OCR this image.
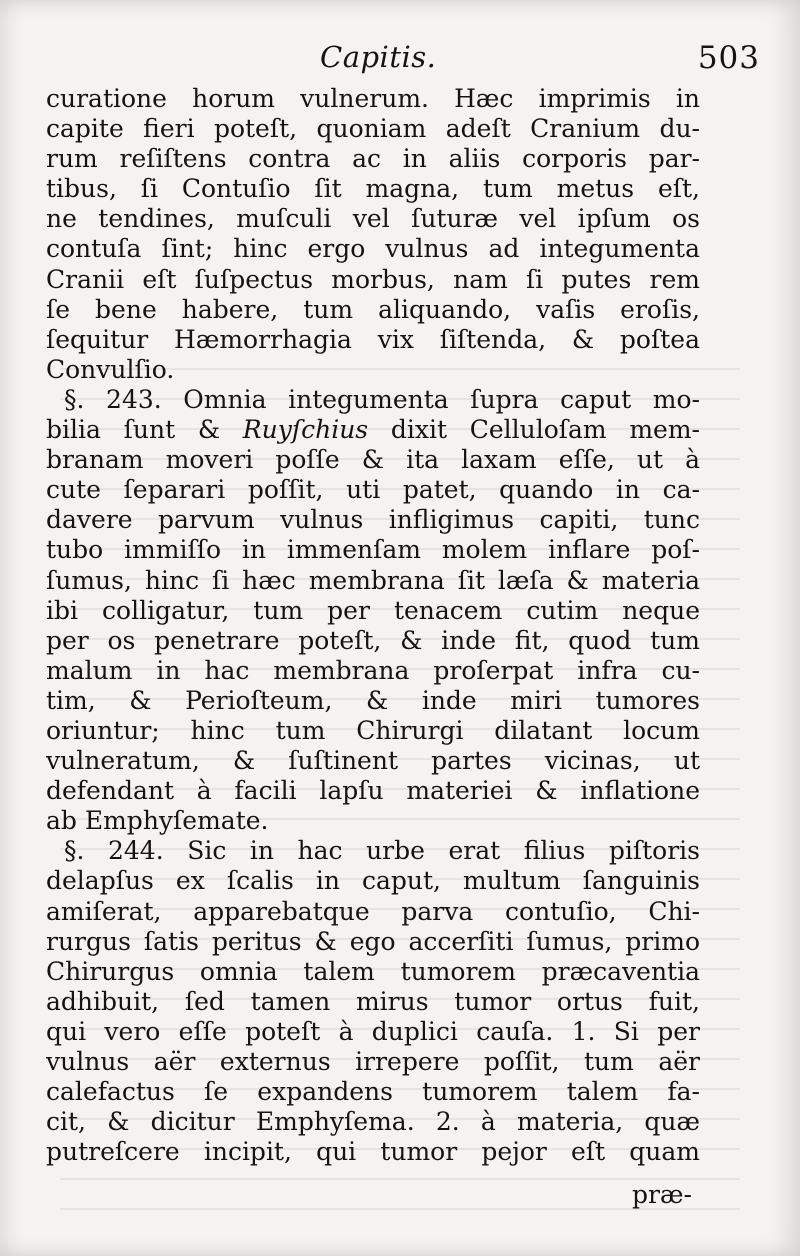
Capitis.	503
curatione horum vulnerum. Hæc imprimis in
capite fieri poteſt, quoniam adeſt Cranium du-
rum reſiſtens contra ac in aliis corporis par-
tibus, ſi Contuſio ſit magna, tum metus eſt,
ne tendines, muſculi vel ſuturæ vel ipſum os
contuſa ſint; hinc ergo vulnus ad integumenta
Cranii eſt ſuſpectus morbus, nam ſi putes rem
ſe bene habere, tum aliquando, vaſis eroſis,
ſequitur Hæmorrhagia vix ſiſtenda, & poſtea
Convulſio.
§. 243. Omnia integumenta ſupra caput mo-
bilia ſunt & Ruyſchius dixit Celluloſam mem-
branam moveri poſſe & ita laxam eſſe, ut à
cute ſeparari poſſit, uti patet, quando in ca-
davere parvum vulnus infligimus capiti, tunc
tubo immiſſo in immenſam molem inflare poſ-
ſumus, hinc ſi hæc membrana ſit læſa & materia
ibi colligatur, tum per tenacem cutim neque
per os penetrare poteſt, & inde fit, quod tum
malum in hac membrana proſerpat infra cu-
tim, & Perioſteum, & inde miri tumores
oriuntur; hinc tum Chirurgi dilatant locum
vulneratum, & ſuſtinent partes vicinas, ut
defendant à facili lapſu materiei & inflatione
ab Emphyſemate.
§. 244. Sic in hac urbe erat filius piſtoris
delapſus ex ſcalis in caput, multum ſanguinis
amiſerat, apparebatque parva contuſio, Chi-
rurgus ſatis peritus & ego accerſiti ſumus, primo
Chirurgus omnia talem tumorem præcaventia
adhibuit, ſed tamen mirus tumor ortus fuit,
qui vero eſſe poteſt à duplici cauſa. 1. Si per
vulnus aër externus irrepere poſſit, tum aër
calefactus ſe expandens tumorem talem fa-
cit, & dicitur Emphyſema. 2. à materia, quæ
putreſcere incipit, qui tumor pejor eſt quam
præ-
